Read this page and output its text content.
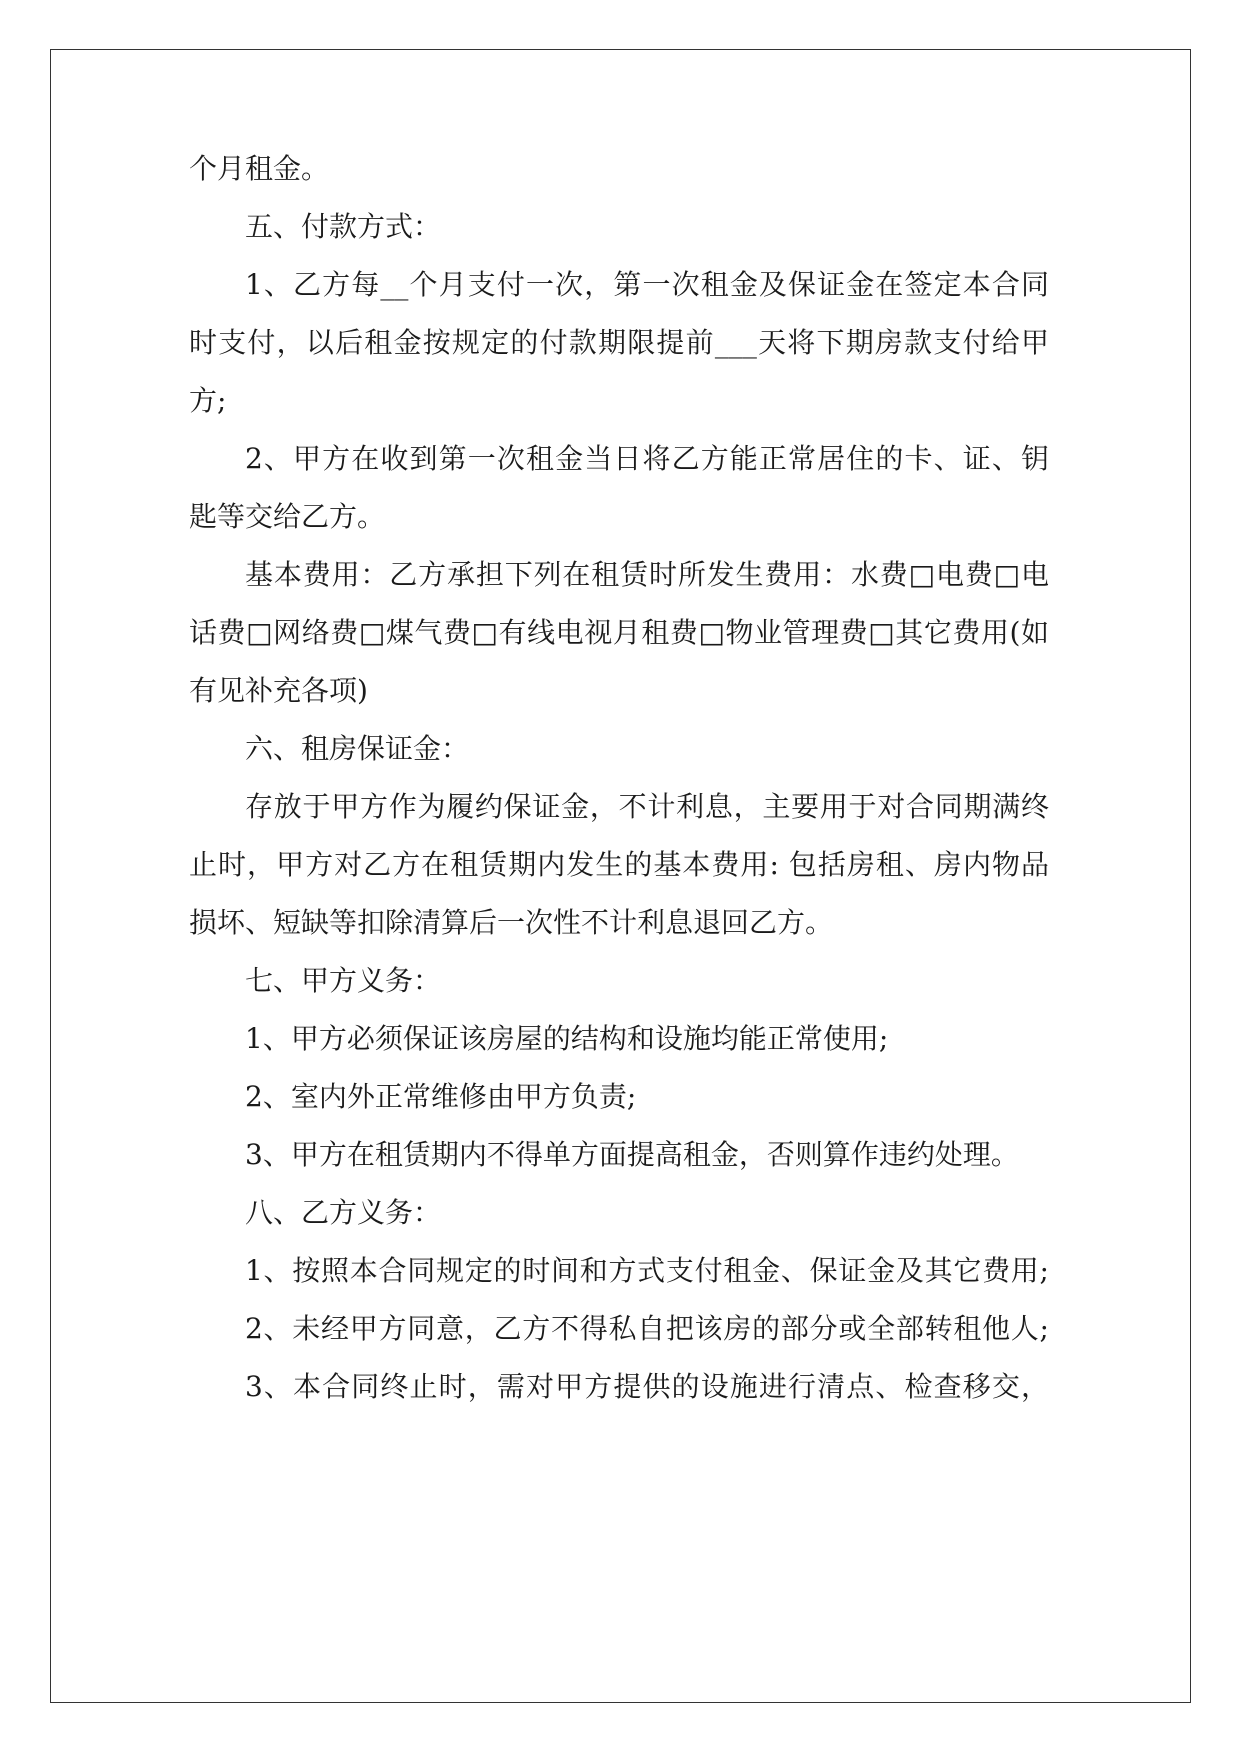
个月租金。
五、付款方式：
1、乙方每__个月支付一次，第一次租金及保证金在签定本合同
时支付，以后租金按规定的付款期限提前___天将下期房款支付给甲
方;
2、甲方在收到第一次租金当日将乙方能正常居住的卡、证、钥
匙等交给乙方。
基本费用：乙方承担下列在租赁时所发生费用：水费□电费□电
话费□网络费□煤气费□有线电视月租费□物业管理费□其它费用(如
有见补充各项)
六、租房保证金：
存放于甲方作为履约保证金，不计利息，主要用于对合同期满终
止时，甲方对乙方在租赁期内发生的基本费用: 包括房租、房内物品
损坏、短缺等扣除清算后一次性不计利息退回乙方。
七、甲方义务：
1、甲方必须保证该房屋的结构和设施均能正常使用;
2、室内外正常维修由甲方负责;
3、甲方在租赁期内不得单方面提高租金，否则算作违约处理。
八、乙方义务：
1、按照本合同规定的时间和方式支付租金、保证金及其它费用;
2、未经甲方同意，乙方不得私自把该房的部分或全部转租他人;
3、本合同终止时，需对甲方提供的设施进行清点、检查移交，
